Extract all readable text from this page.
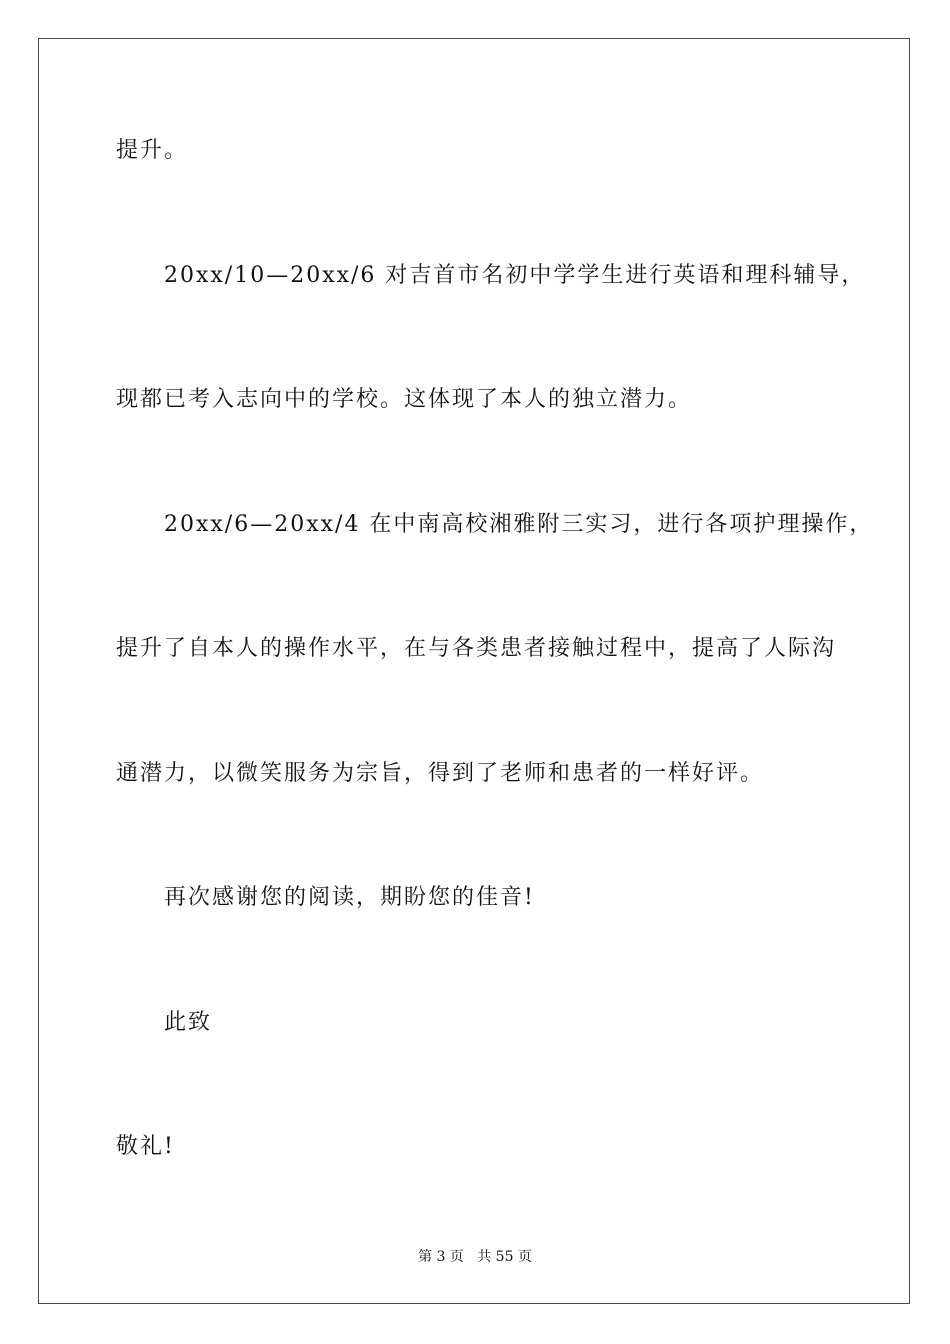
提升。
20xx/10—20xx/6 对吉首市名初中学学生进行英语和理科辅导，
现都已考入志向中的学校。这体现了本人的独立潜力。
20xx/6—20xx/4 在中南高校湘雅附三实习，进行各项护理操作，
提升了自本人的操作水平，在与各类患者接触过程中，提高了人际沟
通潜力，以微笑服务为宗旨，得到了老师和患者的一样好评。
再次感谢您的阅读，期盼您的佳音!
此致
敬礼!
第 3 页   共 55 页
